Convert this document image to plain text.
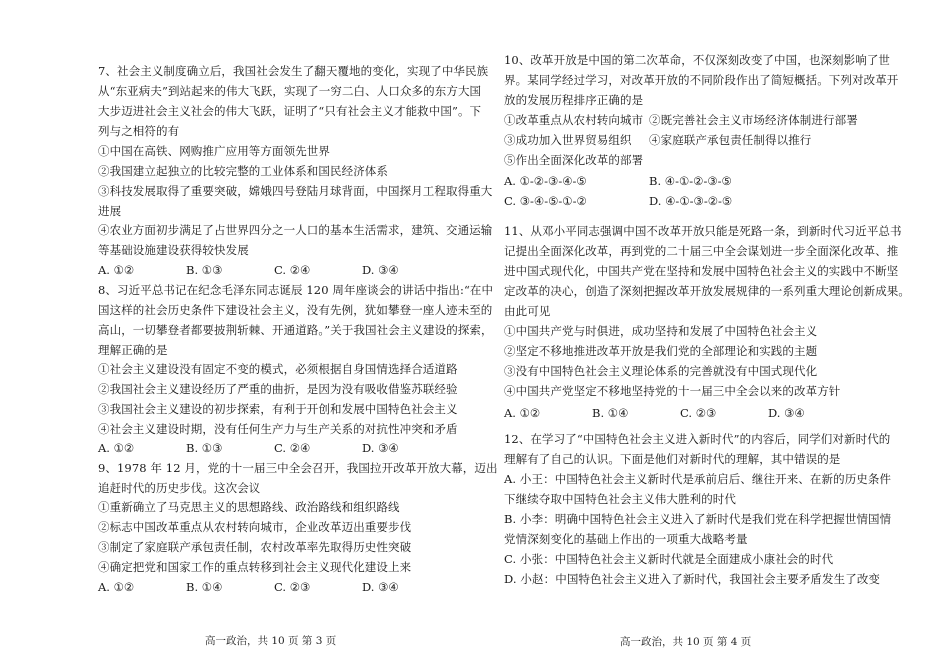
7、社会主义制度确立后，我国社会发生了翻天覆地的变化，实现了中华民族
从“东亚病夫”到站起来的伟大飞跃，实现了一穷二白、人口众多的东方大国
大步迈进社会主义社会的伟大飞跃，证明了“只有社会主义才能救中国”。下
列与之相符的有
①中国在高铁、网购推广应用等方面领先世界
②我国建立起独立的比较完整的工业体系和国民经济体系
③科技发展取得了重要突破，嫦娥四号登陆月球背面，中国探月工程取得重大
进展
④农业方面初步满足了占世界四分之一人口的基本生活需求，建筑、交通运输
等基础设施建设获得较快发展
A. ①②	B. ①③	C. ②④	D. ③④
8、习近平总书记在纪念毛泽东同志诞辰 120 周年座谈会的讲话中指出:“在中
国这样的社会历史条件下建设社会主义，没有先例，犹如攀登一座人迹未至的
高山，一切攀登者都要披荆斩棘、开通道路。”关于我国社会主义建设的探索，
理解正确的是
①社会主义建设没有固定不变的模式，必须根据自身国情选择合适道路
②我国社会主义建设经历了严重的曲折，是因为没有吸收借鉴苏联经验
③我国社会主义建设的初步探索，有利于开创和发展中国特色社会主义
④社会主义建设时期，没有任何生产力与生产关系的对抗性冲突和矛盾
A. ①②	B. ①③	C. ②④	D. ③④
9、1978 年 12 月，党的十一届三中全会召开，我国拉开改革开放大幕，迈出
追赶时代的历史步伐。这次会议
①重新确立了马克思主义的思想路线、政治路线和组织路线
②标志中国改革重点从农村转向城市，企业改革迈出重要步伐
③制定了家庭联产承包责任制，农村改革率先取得历史性突破
④确定把党和国家工作的重点转移到社会主义现代化建设上来
A. ①②	B. ①④	C. ②③	D. ③④
高一政治，共 10 页 第 3 页
10、改革开放是中国的第二次革命，不仅深刻改变了中国，也深刻影响了世
界。某同学经过学习，对改革开放的不同阶段作出了简短概括。下列对改革开
放的发展历程排序正确的是
①改革重点从农村转向城市 ②既完善社会主义市场经济体制进行部署
③成功加入世界贸易组织 ④家庭联产承包责任制得以推行
⑤作出全面深化改革的部署
A. ①-②-③-④-⑤	B. ④-①-②-③-⑤
C. ③-④-⑤-①-②	D. ④-①-③-②-⑤
11、从邓小平同志强调中国不改革开放只能是死路一条，到新时代习近平总书
记提出全面深化改革，再到党的二十届三中全会谋划进一步全面深化改革、推
进中国式现代化，中国共产党在坚持和发展中国特色社会主义的实践中不断坚
定改革的决心，创造了深刻把握改革开放发展规律的一系列重大理论创新成果。
由此可见
①中国共产党与时俱进，成功坚持和发展了中国特色社会主义
②坚定不移地推进改革开放是我们党的全部理论和实践的主题
③没有中国特色社会主义理论体系的完善就没有中国式现代化
④中国共产党坚定不移地坚持党的十一届三中全会以来的改革方针
A. ①②	B. ①④	C. ②③	D. ③④
12、在学习了“中国特色社会主义进入新时代”的内容后，同学们对新时代的
理解有了自己的认识。下面是他们对新时代的理解，其中错误的是
A. 小王：中国特色社会主义新时代是承前启后、继往开来、在新的历史条件
下继续夺取中国特色社会主义伟大胜利的时代
B. 小李：明确中国特色社会主义进入了新时代是我们党在科学把握世情国情
党情深刻变化的基础上作出的一项重大战略考量
C. 小张：中国特色社会主义新时代就是全面建成小康社会的时代
D. 小赵：中国特色社会主义进入了新时代，我国社会主要矛盾发生了改变
高一政治，共 10 页 第 4 页
